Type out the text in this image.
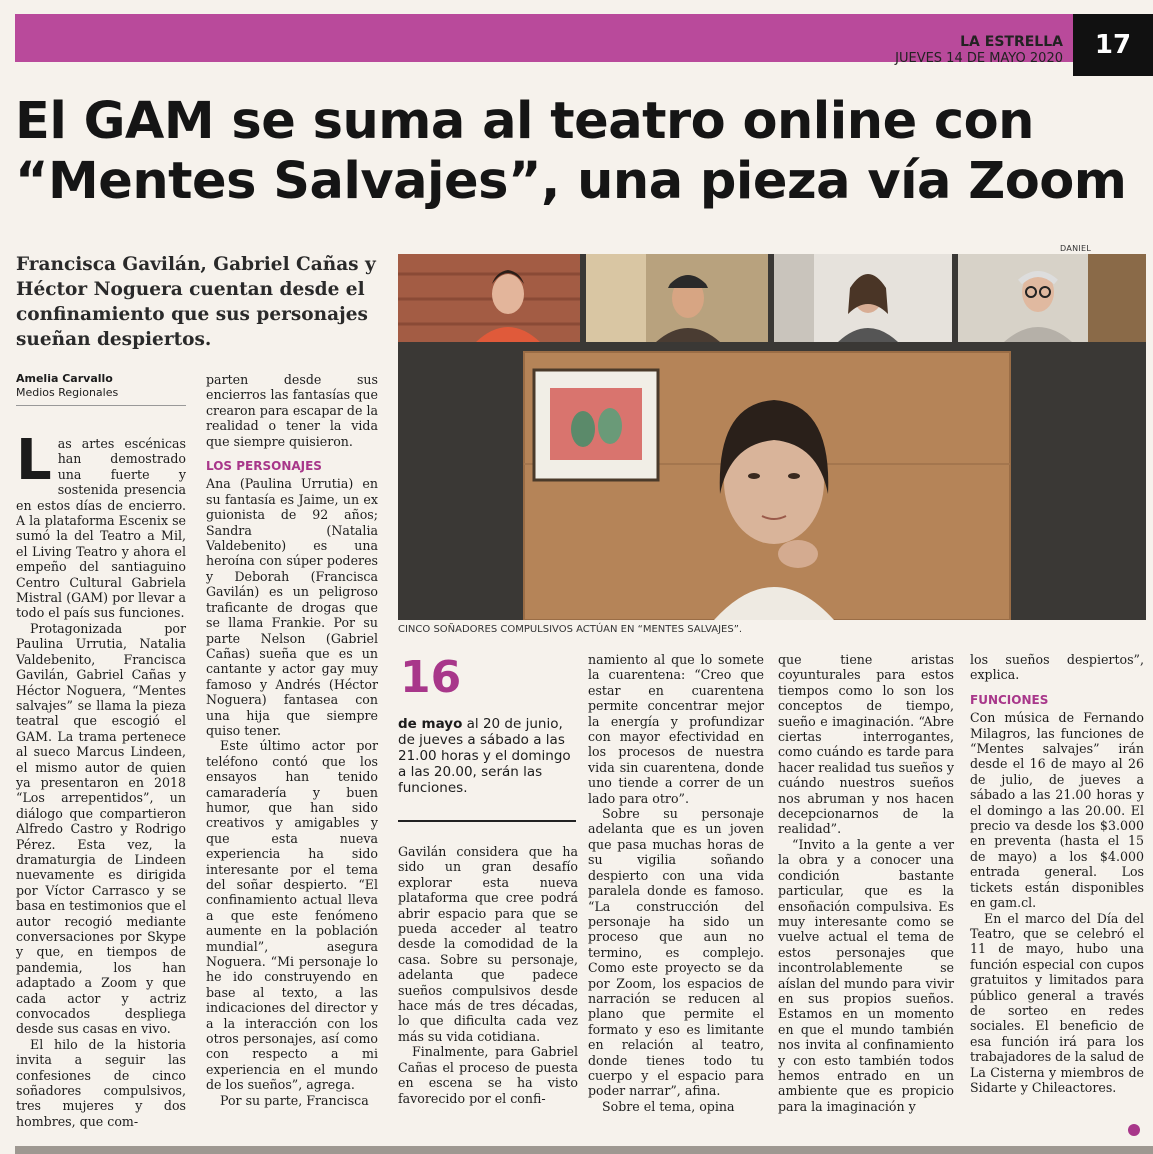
LA ESTRELLA
JUEVES 14 DE MAYO 2020	17
El GAM se suma al teatro online con
“Mentes Salvajes”, una pieza vía Zoom

Francisca Gavilán, Gabriel Cañas y Héctor Noguera cuentan desde el confinamiento que sus personajes sueñan despiertos.

Amelia Carvallo
Medios Regionales

Las artes escénicas han demostrado una fuerte y sostenida presencia en estos días de encierro. A la plataforma Escenix se sumó la del Teatro a Mil, el Living Teatro y ahora el empeño del santiaguino Centro Cultural Gabriela Mistral (GAM) por llevar a todo el país sus funciones.

Protagonizada por Paulina Urrutia, Natalia Valdebenito, Francisca Gavilán, Gabriel Cañas y Héctor Noguera, “Mentes salvajes” se llama la pieza teatral que escogió el GAM. La trama pertenece al sueco Marcus Lindeen, el mismo autor de quien ya presentaron en 2018 “Los arrepentidos”, un diálogo que compartieron Alfredo Castro y Rodrigo Pérez. Esta vez, la dramaturgia de Lindeen nuevamente es dirigida por Víctor Carrasco y se basa en testimonios que el autor recogió mediante conversaciones por Skype y que, en tiempos de pandemia, los han adaptado a Zoom y que cada actor y actriz convocados despliega desde sus casas en vivo.

El hilo de la historia invita a seguir las confesiones de cinco soñadores compulsivos, tres mujeres y dos hombres, que com-

parten desde sus encierros las fantasías que crearon para escapar de la realidad o tener la vida que siempre quisieron.

LOS PERSONAJES

Ana (Paulina Urrutia) en su fantasía es Jaime, un ex guionista de 92 años; Sandra (Natalia Valdebenito) es una heroína con súper poderes y Deborah (Francisca Gavilán) es un peligroso traficante de drogas que se llama Frankie. Por su parte Nelson (Gabriel Cañas) sueña que es un cantante y actor gay muy famoso y Andrés (Héctor Noguera) fantasea con una hija que siempre quiso tener.

Este último actor por teléfono contó que los ensayos han tenido camaradería y buen humor, que han sido creativos y amigables y que esta nueva experiencia ha sido interesante por el tema del soñar despierto. “El confinamiento actual lleva a que este fenómeno aumente en la población mundial”, asegura Noguera. “Mi personaje lo he ido construyendo en base al texto, a las indicaciones del director y a la interacción con los otros personajes, así como con respecto a mi experiencia en el mundo de los sueños”, agrega.

Por su parte, Francisca

DANIEL
CINCO SOÑADORES COMPULSIVOS ACTÚAN EN “MENTES SALVAJES”.
16
de mayo al 20 de junio, de jueves a sábado a las 21.00 horas y el domingo a las 20.00, serán las funciones.

Gavilán considera que ha sido un gran desafío explorar esta nueva plataforma que cree podrá abrir espacio para que se pueda acceder al teatro desde la comodidad de la casa. Sobre su personaje, adelanta que padece sueños compulsivos desde hace más de tres décadas, lo que dificulta cada vez más su vida cotidiana.

Finalmente, para Gabriel Cañas el proceso de puesta en escena se ha visto favorecido por el confi-

namiento al que lo somete la cuarentena: “Creo que estar en cuarentena permite concentrar mejor la energía y profundizar con mayor efectividad en los procesos de nuestra vida sin cuarentena, donde uno tiende a correr de un lado para otro”.

Sobre su personaje adelanta que es un joven que pasa muchas horas de su vigilia soñando despierto con una vida paralela donde es famoso. “La construcción del personaje ha sido un proceso que aun no termino, es complejo. Como este proyecto se da por Zoom, los espacios de narración se reducen al plano que permite el formato y eso es limitante en relación al teatro, donde tienes todo tu cuerpo y el espacio para poder narrar”, afina.

Sobre el tema, opina

que tiene aristas coyunturales para estos tiempos como lo son los conceptos de tiempo, sueño e imaginación. “Abre ciertas interrogantes, como cuándo es tarde para hacer realidad tus sueños y cuándo nuestros sueños nos abruman y nos hacen decepcionarnos de la realidad”.

“Invito a la gente a ver la obra y a conocer una condición bastante particular, que es la ensoñación compulsiva. Es muy interesante como se vuelve actual el tema de estos personajes que incontrolablemente se aíslan del mundo para vivir en sus propios sueños. Estamos en un momento en que el mundo también nos invita al confinamiento y con esto también todos hemos entrado en un ambiente que es propicio para la imaginación y

los sueños despiertos”, explica.

FUNCIONES

Con música de Fernando Milagros, las funciones de “Mentes salvajes” irán desde el 16 de mayo al 26 de julio, de jueves a sábado a las 21.00 horas y el domingo a las 20.00. El precio va desde los $3.000 en preventa (hasta el 15 de mayo) a los $4.000 entrada general. Los tickets están disponibles en gam.cl.

En el marco del Día del Teatro, que se celebró el 11 de mayo, hubo una función especial con cupos gratuitos y limitados para público general a través de sorteo en redes sociales. El beneficio de esa función irá para los trabajadores de la salud de La Cisterna y miembros de Sidarte y Chileactores.
